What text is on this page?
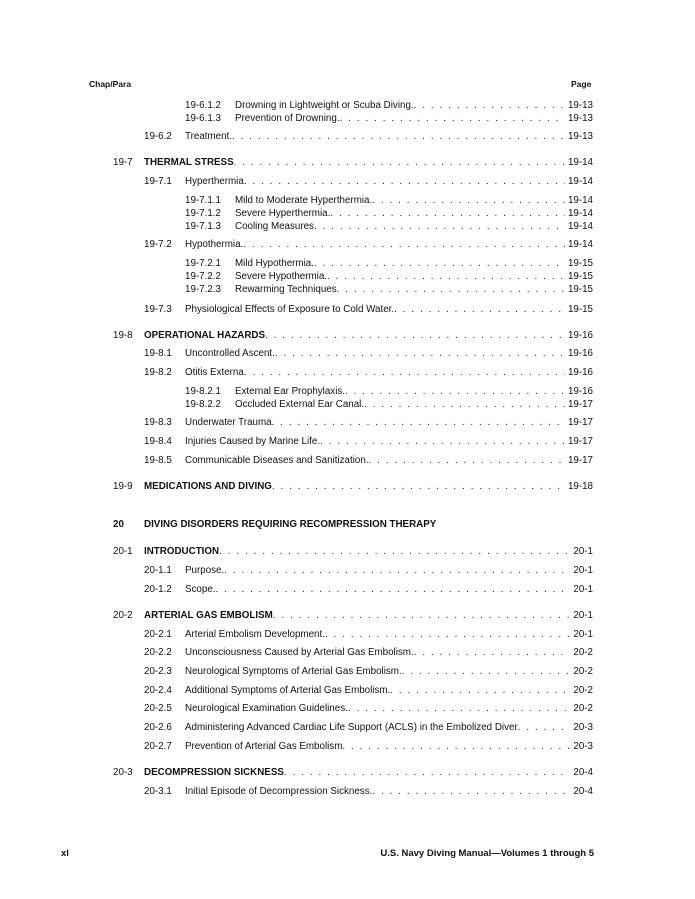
Chap/Para	Page
19-6.1.2 Drowning in Lightweight or Scuba Diving. . . .	19-13
19-6.1.3 Prevention of Drowning. . . .	19-13
19-6.2 Treatment. . . .	19-13
19-7 THERMAL STRESS . . .	19-14
19-7.1 Hyperthermia . . .	19-14
19-7.1.1 Mild to Moderate Hyperthermia. . . .	19-14
19-7.1.2 Severe Hyperthermia. . . .	19-14
19-7.1.3 Cooling Measures . . .	19-14
19-7.2 Hypothermia. . . .	19-14
19-7.2.1 Mild Hypothermia. . . .	19-15
19-7.2.2 Severe Hypothermia. . . .	19-15
19-7.2.3 Rewarming Techniques . . .	19-15
19-7.3 Physiological Effects of Exposure to Cold Water. . . .	19-15
19-8 OPERATIONAL HAZARDS . . .	19-16
19-8.1 Uncontrolled Ascent. . . .	19-16
19-8.2 Otitis Externa . . .	19-16
19-8.2.1 External Ear Prophylaxis. . . .	19-16
19-8.2.2 Occluded External Ear Canal. . . .	19-17
19-8.3 Underwater Trauma . . .	19-17
19-8.4 Injuries Caused by Marine Life. . . .	19-17
19-8.5 Communicable Diseases and Sanitization. . . .	19-17
19-9 MEDICATIONS AND DIVING . . .	19-18
20 DIVING DISORDERS REQUIRING RECOMPRESSION THERAPY
20-1 INTRODUCTION . . .	20-1
20-1.1 Purpose. . . .	20-1
20-1.2 Scope. . . .	20-1
20-2 ARTERIAL GAS EMBOLISM . . .	20-1
20-2.1 Arterial Embolism Development. . . .	20-1
20-2.2 Unconsciousness Caused by Arterial Gas Embolism. . . .	20-2
20-2.3 Neurological Symptoms of Arterial Gas Embolism. . . .	20-2
20-2.4 Additional Symptoms of Arterial Gas Embolism. . . .	20-2
20-2.5 Neurological Examination Guidelines. . . .	20-2
20-2.6 Administering Advanced Cardiac Life Support (ACLS) in the Embolized Diver . . .	20-3
20-2.7 Prevention of Arterial Gas Embolism . . .	20-3
20-3 DECOMPRESSION SICKNESS . . .	20-4
20-3.1 Initial Episode of Decompression Sickness. . . .	20-4
xl	U.S. Navy Diving Manual—Volumes 1 through 5
